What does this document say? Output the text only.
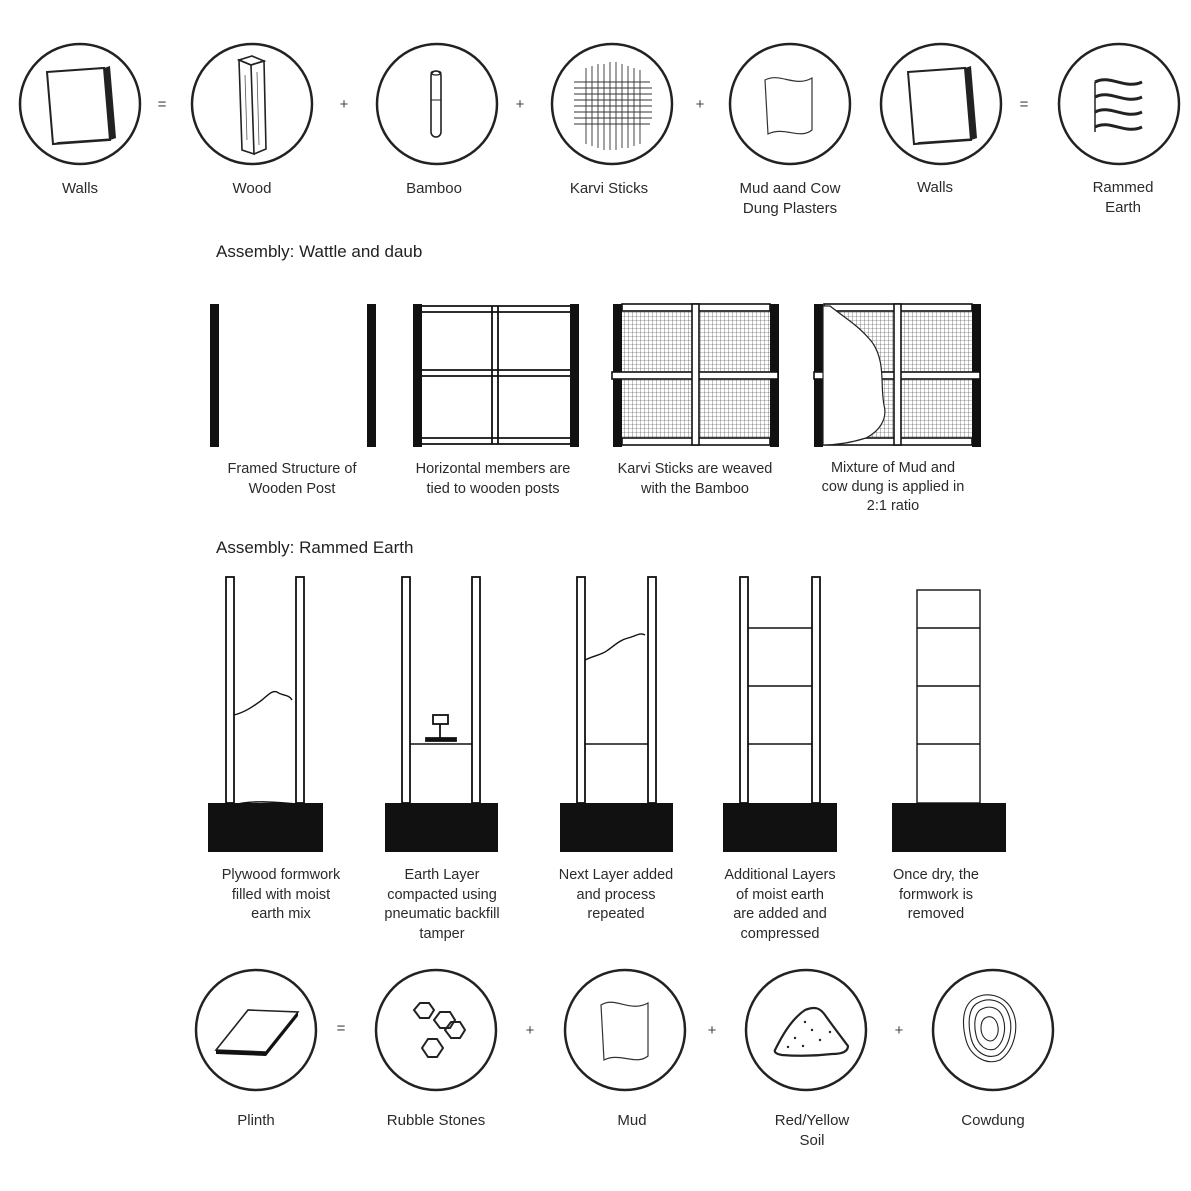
Walls	Wood	Bamboo	Karvi Sticks	Mud aand Cow
Dung Plasters
Walls	Rammed
Earth
=	+	+	+	=
Assembly: Wattle and daub
Framed Structure of
Wooden Post
Horizontal members are
tied to wooden posts
Karvi Sticks are weaved
with the Bamboo
Mixture of Mud and
cow dung is applied in
2:1 ratio
Assembly: Rammed Earth
Plywood formwork
filled with moist
earth mix
Earth Layer
compacted using
pneumatic backfill
tamper
Next Layer added
and process
repeated
Additional Layers
of moist earth
are added and
compressed
Once dry, the
formwork is
removed
Plinth	Rubble Stones	Mud	Red/Yellow
Soil
Cowdung
=	+	+	+
